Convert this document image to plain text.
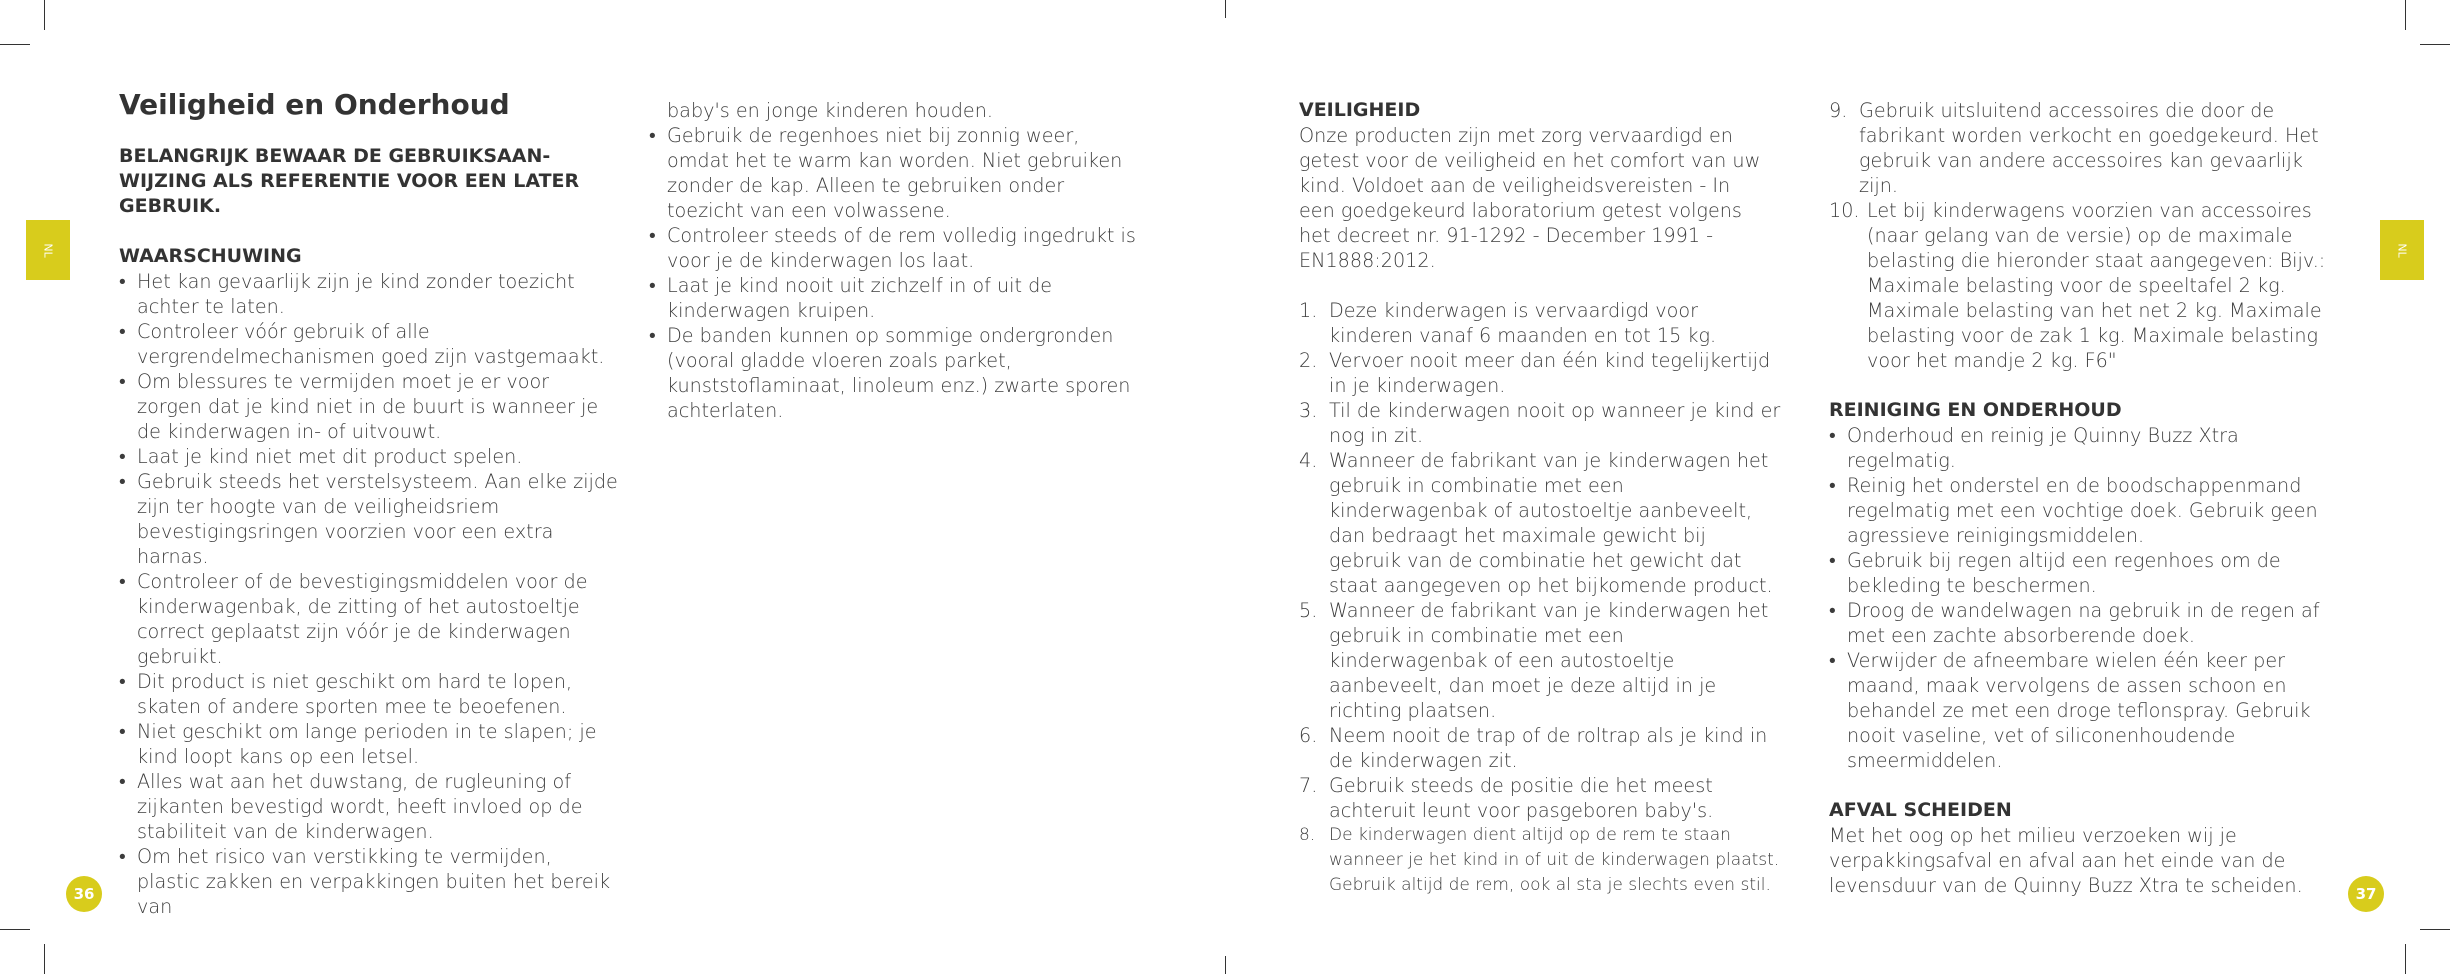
NL	NL
36	37
Veiligheid en Onderhoud

BELANGRIJK BEWAAR DE GEBRUIKSAAN-WIJZING ALS REFERENTIE VOOR EEN LATER GEBRUIK.

WAARSCHUWING

• Het kan gevaarlijk zijn je kind zonder toezicht achter te laten.
• Controleer vóór gebruik of alle vergrendelmechanismen goed zijn vastgemaakt.
• Om blessures te vermijden moet je er voor zorgen dat je kind niet in de buurt is wanneer je de kinderwagen in- of uitvouwt.
• Laat je kind niet met dit product spelen.
• Gebruik steeds het verstelsysteem. Aan elke zijde zijn ter hoogte van de veiligheidsriem bevestigingsringen voorzien voor een extra harnas.
• Controleer of de bevestigingsmiddelen voor de kinderwagenbak, de zitting of het autostoeltje correct geplaatst zijn vóór je de kinderwagen gebruikt.
• Dit product is niet geschikt om hard te lopen, skaten of andere sporten mee te beoefenen.
• Niet geschikt om lange perioden in te slapen; je kind loopt kans op een letsel.
• Alles wat aan het duwstang, de rugleuning of zijkanten bevestigd wordt, heeft invloed op de stabiliteit van de kinderwagen.
• Om het risico van verstikking te vermijden, plastic zakken en verpakkingen buiten het bereik van

baby's en jonge kinderen houden.

• Gebruik de regenhoes niet bij zonnig weer, omdat het te warm kan worden. Niet gebruiken zonder de kap. Alleen te gebruiken onder toezicht van een volwassene.
• Controleer steeds of de rem volledig ingedrukt is voor je de kinderwagen los laat.
• Laat je kind nooit uit zichzelf in of uit de kinderwagen kruipen.
• De banden kunnen op sommige ondergronden (vooral gladde vloeren zoals parket, kunststoflaminaat, linoleum enz.) zwarte sporen achterlaten.

VEILIGHEID

Onze producten zijn met zorg vervaardigd en getest voor de veiligheid en het comfort van uw kind. Voldoet aan de veiligheidsvereisten - In een goedgekeurd laboratorium getest volgens het decreet nr. 91-1292 - December 1991 - EN1888:2012.

1. Deze kinderwagen is vervaardigd voor kinderen vanaf 6 maanden en tot 15 kg.
2. Vervoer nooit meer dan één kind tegelijkertijd in je kinderwagen.
3. Til de kinderwagen nooit op wanneer je kind er nog in zit.
4. Wanneer de fabrikant van je kinderwagen het gebruik in combinatie met een kinderwagenbak of autostoeltje aanbeveelt, dan bedraagt het maximale gewicht bij gebruik van de combinatie het gewicht dat staat aangegeven op het bijkomende product.
5. Wanneer de fabrikant van je kinderwagen het gebruik in combinatie met een kinderwagenbak of een autostoeltje aanbeveelt, dan moet je deze altijd in je richting plaatsen.
6. Neem nooit de trap of de roltrap als je kind in de kinderwagen zit.
7. Gebruik steeds de positie die het meest achteruit leunt voor pasgeboren baby's.
8. De kinderwagen dient altijd op de rem te staan wanneer je het kind in of uit de kinderwagen plaatst. Gebruik altijd de rem, ook al sta je slechts even stil.
9. Gebruik uitsluitend accessoires die door de fabrikant worden verkocht en goedgekeurd. Het gebruik van andere accessoires kan gevaarlijk zijn.
10. Let bij kinderwagens voorzien van accessoires (naar gelang van de versie) op de maximale belasting die hieronder staat aangegeven: Bijv.: Maximale belasting voor de speeltafel 2 kg. Maximale belasting van het net 2 kg. Maximale belasting voor de zak 1 kg. Maximale belasting voor het mandje 2 kg. F6"

REINIGING EN ONDERHOUD

• Onderhoud en reinig je Quinny Buzz Xtra regelmatig.
• Reinig het onderstel en de boodschappenmand regelmatig met een vochtige doek. Gebruik geen agressieve reinigingsmiddelen.
• Gebruik bij regen altijd een regenhoes om de bekleding te beschermen.
• Droog de wandelwagen na gebruik in de regen af met een zachte absorberende doek.
• Verwijder de afneembare wielen één keer per maand, maak vervolgens de assen schoon en behandel ze met een droge teflonspray. Gebruik nooit vaseline, vet of siliconenhoudende smeermiddelen.

AFVAL SCHEIDEN

Met het oog op het milieu verzoeken wij je verpakkingsafval en afval aan het einde van de levensduur van de Quinny Buzz Xtra te scheiden.
